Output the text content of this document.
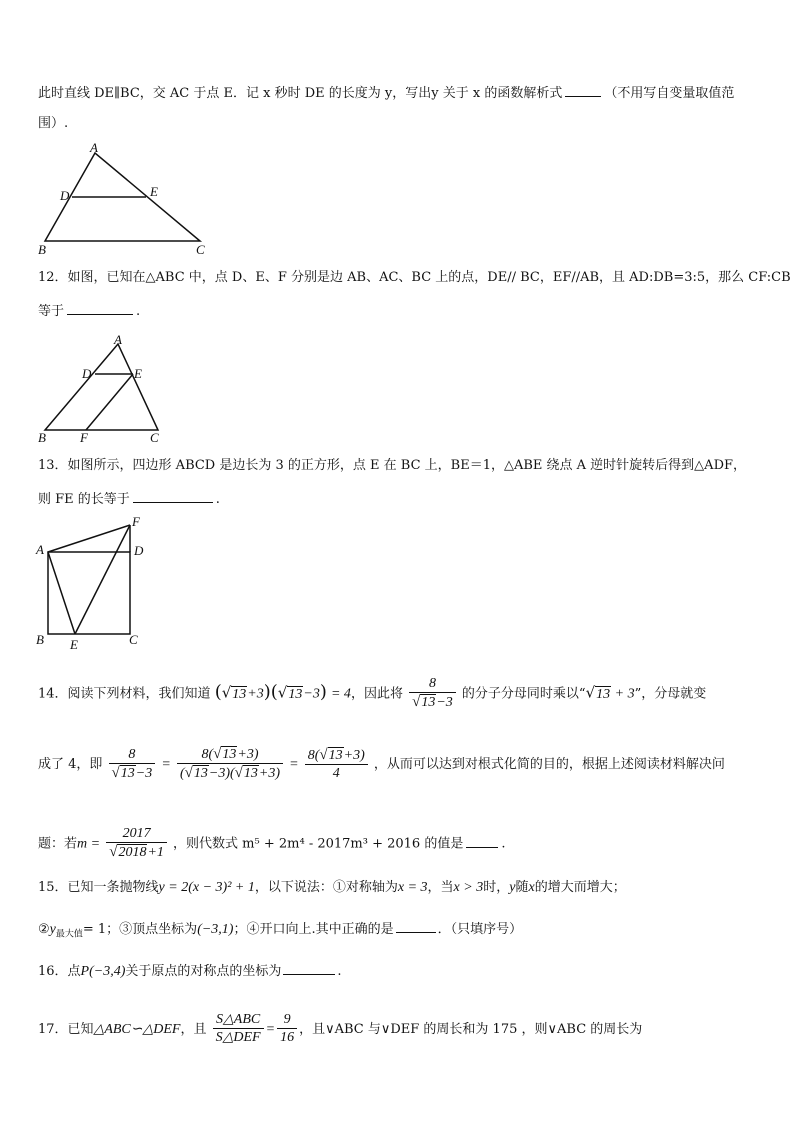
此时直线 DE∥BC，交 AC 于点 E．记 x 秒时 DE 的长度为 y，写出y 关于 x 的函数解析式	（不用写自变量取值范
围）.
A
D	E
B	C
12．如图，已知在△ABC 中，点 D、E、F 分别是边 AB、AC、BC 上的点，DE// BC，EF//AB，且 AD:DB=3:5，那么 CF:CB
等于	.
A
D	E
B	F	C
13．如图所示，四边形 ABCD 是边长为 3 的正方形，点 E 在 BC 上，BE＝1，△ABE 绕点 A 逆时针旋转后得到△ADF，
则 FE 的长等于	.
F
A	D
B E	C
14．阅读下列材料，我们知道 (√13+3)(√13−3) = 4，因此将 $\frac{8}{√13-3}$ 的分子分母同时乘以“√13 + 3”，分母就变
成了 4，即 $\frac{8}{√13-3} = \frac{8(√13+3)}{(√13-3)(√13+3)} = \frac{8(√13+3)}{4}$ ，从而可以达到对根式化简的目的，根据上述阅读材料解决问
题：若$m = \frac{2017}{√2018+1}$ ，则代数式 m⁵ + 2m⁴ - 2017m³ + 2016 的值是	.
15．已知一条抛物线y = 2(x − 3)² + 1，以下说法：①对称轴为x = 3，当x > 3时，y随x的增大而增大；
$②y_{最大值}= 1$；③顶点坐标为(−3,1)；④开口向上.其中正确的是	．（只填序号）
16．点P(−3,4)关于原点的对称点的坐标为	.
17．已知△ABC∽△DEF，且 $\frac{\text{S△ABC}}{\text{S△DEF}} = \frac{9}{16}$ ，且∨ABC 与∨DEF 的周长和为 175 ，则∨ABC 的周长为
